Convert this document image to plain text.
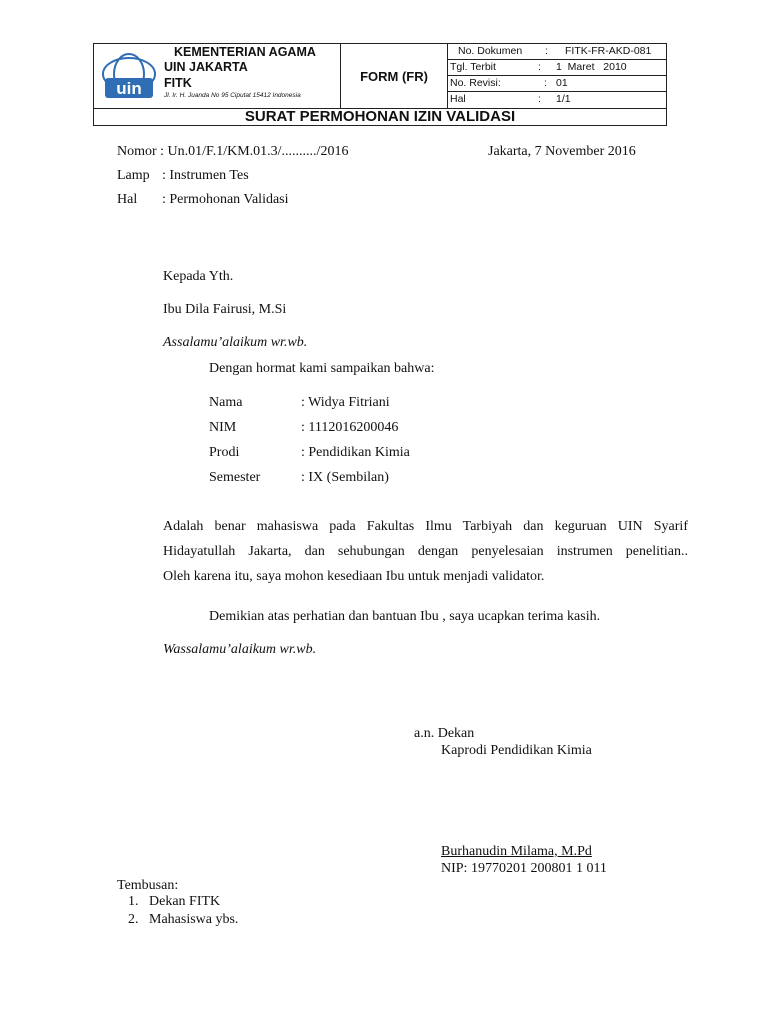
uin
KEMENTERIAN AGAMA
UIN JAKARTA
FITK
Jl. Ir. H. Juanda No 95 Ciputat 15412 Indonesia
FORM (FR)
No. Dokumen : FITK-FR-AKD-081
Tgl. Terbit	: 1  Maret   2010
No. Revisi:	: 01
Hal	: 1/1
SURAT PERMOHONAN IZIN VALIDASI
Nomor : Un.01/F.1/KM.01.3/........../2016	Jakarta, 7 November 2016
Lamp : Instrumen Tes
Hal : Permohonan Validasi
Kepada Yth.
Ibu Dila Fairusi, M.Si
Assalamu’alaikum wr.wb.
Dengan hormat kami sampaikan bahwa:
Nama	: Widya Fitriani
NIM	: 1112016200046
Prodi	: Pendidikan Kimia
Semester	: IX (Sembilan)
Adalah benar mahasiswa pada Fakultas Ilmu Tarbiyah dan keguruan UIN Syarif
Hidayatullah Jakarta, dan sehubungan dengan penyelesaian instrumen penelitian..
Oleh karena itu, saya mohon kesediaan Ibu untuk menjadi validator.
Demikian atas perhatian dan bantuan Ibu , saya ucapkan terima kasih.
Wassalamu’alaikum wr.wb.
a.n. Dekan
Kaprodi Pendidikan Kimia
Burhanudin Milama, M.Pd
NIP: 19770201 200801 1 011
Tembusan:
1.   Dekan FITK
2.   Mahasiswa ybs.
